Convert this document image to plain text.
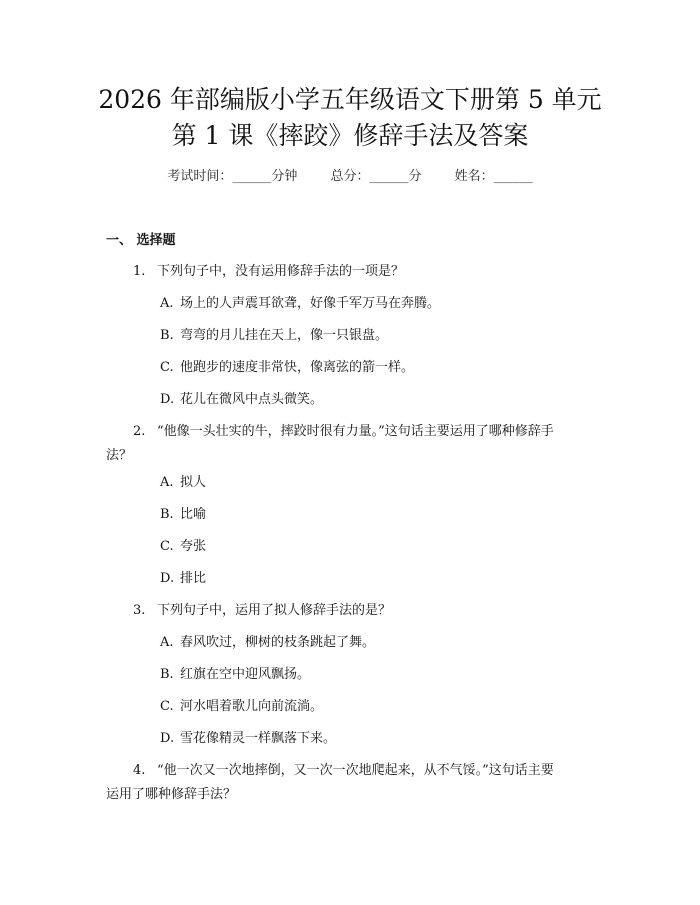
2026 年部编版小学五年级语文下册第 5 单元
第 1 课《摔跤》修辞手法及答案
考试时间：______分钟	总分：______分	姓名：______
一、 选择题
1. 下列句子中，没有运用修辞手法的一项是？
A. 场上的人声震耳欲聋，好像千军万马在奔腾。
B. 弯弯的月儿挂在天上，像一只银盘。
C. 他跑步的速度非常快，像离弦的箭一样。
D. 花儿在微风中点头微笑。
2. “他像一头壮实的牛，摔跤时很有力量。”这句话主要运用了哪种修辞手
法？
A. 拟人
B. 比喻
C. 夸张
D. 排比
3. 下列句子中，运用了拟人修辞手法的是？
A. 春风吹过，柳树的枝条跳起了舞。
B. 红旗在空中迎风飘扬。
C. 河水唱着歌儿向前流淌。
D. 雪花像精灵一样飘落下来。
4. “他一次又一次地摔倒，又一次一次地爬起来，从不气馁。”这句话主要
运用了哪种修辞手法？
